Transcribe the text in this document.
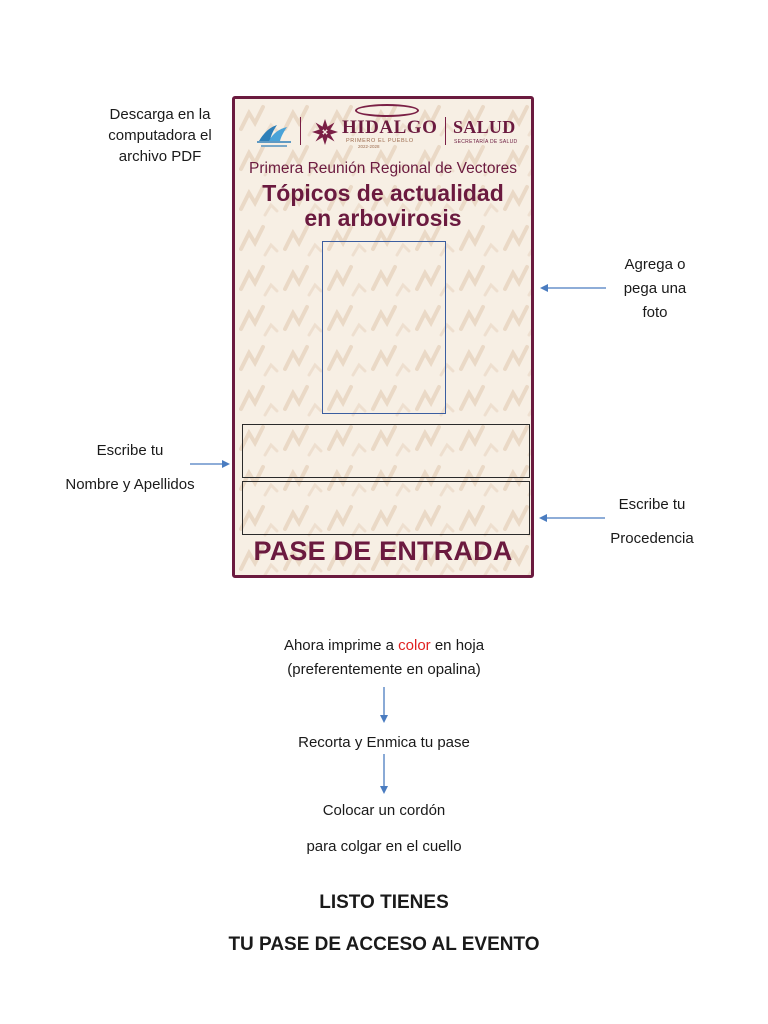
Descarga en la
computadora el
archivo PDF
Agrega o
pega una
foto
Escribe tu
Nombre y Apellidos
Escribe tu
Procedencia
HIDALGO
PRIMERO EL PUEBLO
2022-2028
SALUD
SECRETARÍA DE SALUD
Primera Reunión Regional de Vectores
Tópicos de actualidad
en arbovirosis
PASE DE ENTRADA
Ahora imprime a color en hoja
(preferentemente en opalina)
Recorta y Enmica tu pase
Colocar un cordón
para colgar en el cuello
LISTO TIENES
TU PASE DE ACCESO AL EVENTO
